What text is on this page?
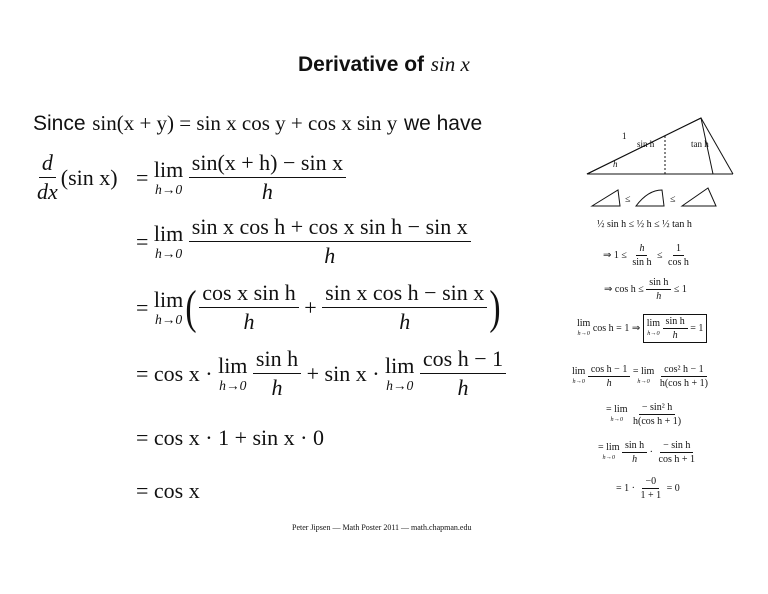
Derivative of sin x
Since sin(x + y) = sin x cos y + cos x sin y we have
$\frac{d}{dx} (\sin$ x) =
lim
h→0
$\frac{\text{sin(x + h) − sin x}}{h}$
=
lim
h→0
$\frac{\text{sin x cos h + cos x sin h − sin x}}{h}$
=
lim
h→0 ( $\frac{\text{cos x sin h}}{h}$
+
$\frac{\text{sin x cos h − sin x}}{h}$ )
=
cos x ·
lim
h→0
$\frac{\text{sin h}}{h}$
+ sin x ·
lim
h→0
$\frac{\text{cos h − 1}}{h}$
= cos x · 1 + sin x · 0
= cos x
1
sin h	tan h
h
≤	≤
½ sin h ≤ ½ h ≤ ½ tan h
⇒ 1 ≤
$\frac{h}{\text{sin h}}$
≤
$\frac{1}{\text{cos h}}$
⇒ cos h ≤
$\frac{\text{sin h}}{h}$
≤ 1
lim
h→0
cos h = 1 ⇒
lim
h→0
$\frac{\text{sin h}}{h}$
= 1
lim
h→0
$\frac{\text{cos h − 1}}{h}$
= lim
h→0
$\frac{\text{cos² h − 1}}{\text{h(cos h + 1)}}$
= lim
h→0
$\frac{\text{− sin² h}}{\text{h(cos h + 1)}}$
= lim
h→0
$\frac{\text{sin h}}{h}$
·
$\frac{\text{− sin h}}{\text{cos h + 1}}$
= 1 ·
$\frac{-0}{1 + 1}$
= 0
Peter Jipsen — Math Poster 2011 — math.chapman.edu
